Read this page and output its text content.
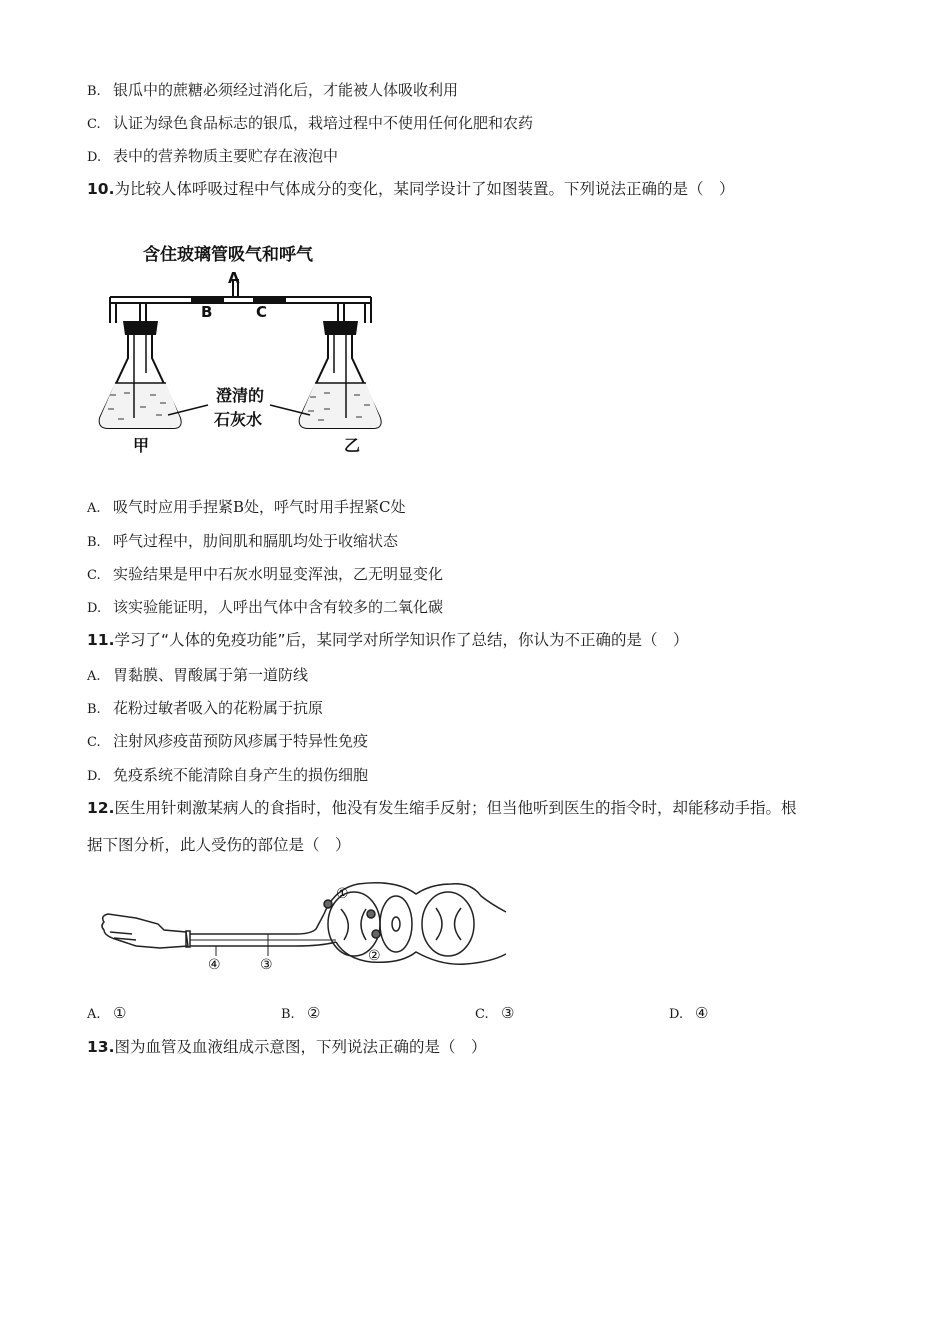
B. 银瓜中的蔗糖必须经过消化后，才能被人体吸收利用
C. 认证为绿色食品标志的银瓜，栽培过程中不使用任何化肥和农药
D. 表中的营养物质主要贮存在液泡中
10.为比较人体呼吸过程中气体成分的变化，某同学设计了如图装置。下列说法正确的是（　）
含住玻璃管吸气和呼气
A
B	C
甲	乙
澄清的
石灰水
A. 吸气时应用手捏紧B处，呼气时用手捏紧C处
B. 呼气过程中，肋间肌和膈肌均处于收缩状态
C. 实验结果是甲中石灰水明显变浑浊，乙无明显变化
D. 该实验能证明，人呼出气体中含有较多的二氧化碳
11.学习了“人体的免疫功能”后，某同学对所学知识作了总结，你认为不正确的是（　）
A. 胃黏膜、胃酸属于第一道防线
B. 花粉过敏者吸入的花粉属于抗原
C. 注射风疹疫苗预防风疹属于特异性免疫
D. 免疫系统不能清除自身产生的损伤细胞
12.医生用针刺激某病人的食指时，他没有发生缩手反射；但当他听到医生的指令时，却能移动手指。根
据下图分析，此人受伤的部位是（　）
①
②
③
④
A. ①	B. ②	C. ③	D. ④
13.图为血管及血液组成示意图，下列说法正确的是（　）
